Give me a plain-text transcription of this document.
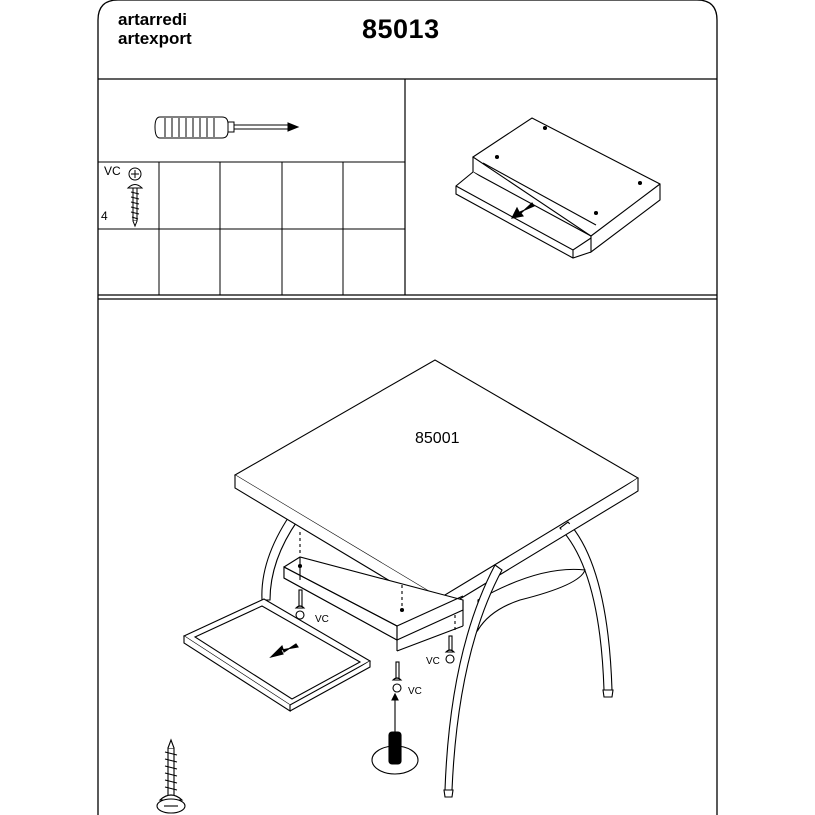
artarredi
artexport	85013
VC
4
85001
VC
VC
VC
